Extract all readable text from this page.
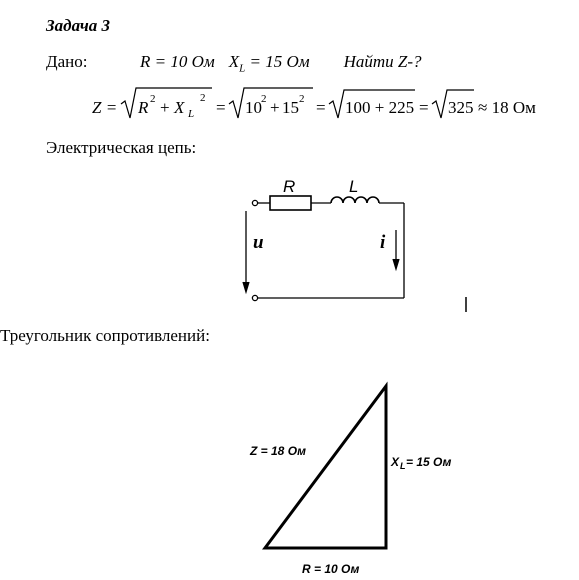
Задача 3
Дано:	R = 10 Ом $X_L = 15$ Ом Найти Z-?
Z = R 2 + X L
2 = 10 2 + 15 2 = 100 + 225 = 325 ≈ 18 Ом
R	L
u	i
Z = 18 Ом
X L = 15 Ом
R = 10 Ом
Электрическая цепь:
Треугольник сопротивлений:
